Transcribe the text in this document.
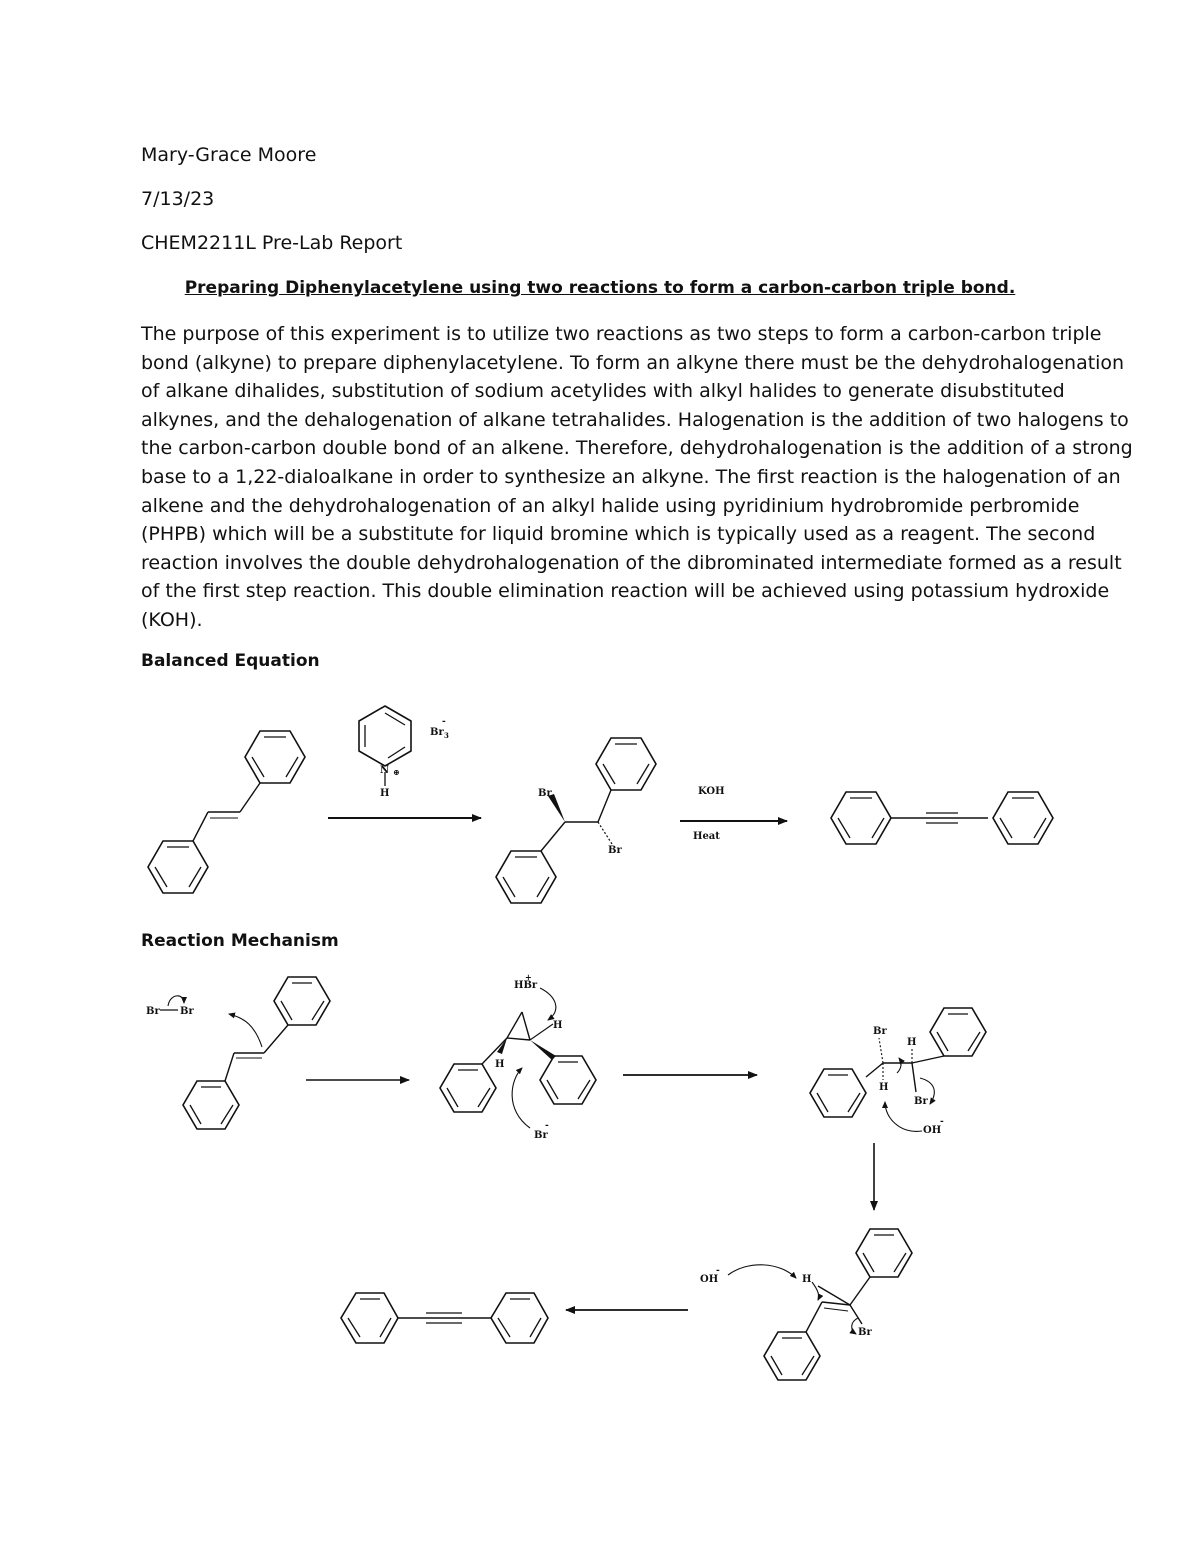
Mary-Grace Moore
7/13/23
CHEM2211L Pre-Lab Report
Preparing Diphenylacetylene using two reactions to form a carbon-carbon triple bond.

The purpose of this experiment is to utilize two reactions as two steps to form a carbon-carbon triple

bond (alkyne) to prepare diphenylacetylene. To form an alkyne there must be the dehydrohalogenation

of alkane dihalides, substitution of sodium acetylides with alkyl halides to generate disubstituted

alkynes, and the dehalogenation of alkane tetrahalides. Halogenation is the addition of two halogens to

the carbon-carbon double bond of an alkene. Therefore, dehydrohalogenation is the addition of a strong

base to a 1,22-dialoalkane in order to synthesize an alkyne. The first reaction is the halogenation of an

alkene and the dehydrohalogenation of an alkyl halide using pyridinium hydrobromide perbromide

(PHPB) which will be a substitute for liquid bromine which is typically used as a reagent. The second

reaction involves the double dehydrohalogenation of the dibrominated intermediate formed as a result

of the first step reaction. This double elimination reaction will be achieved using potassium hydroxide

(KOH).

Balanced Equation
Reaction Mechanism
N ⊕
H
Br 3
-
Br
Br
KOH
Heat
Br Br
HBr
+
H
H
Br
-
Br
H
H
Br
OH
-
H
Br
OH
-
